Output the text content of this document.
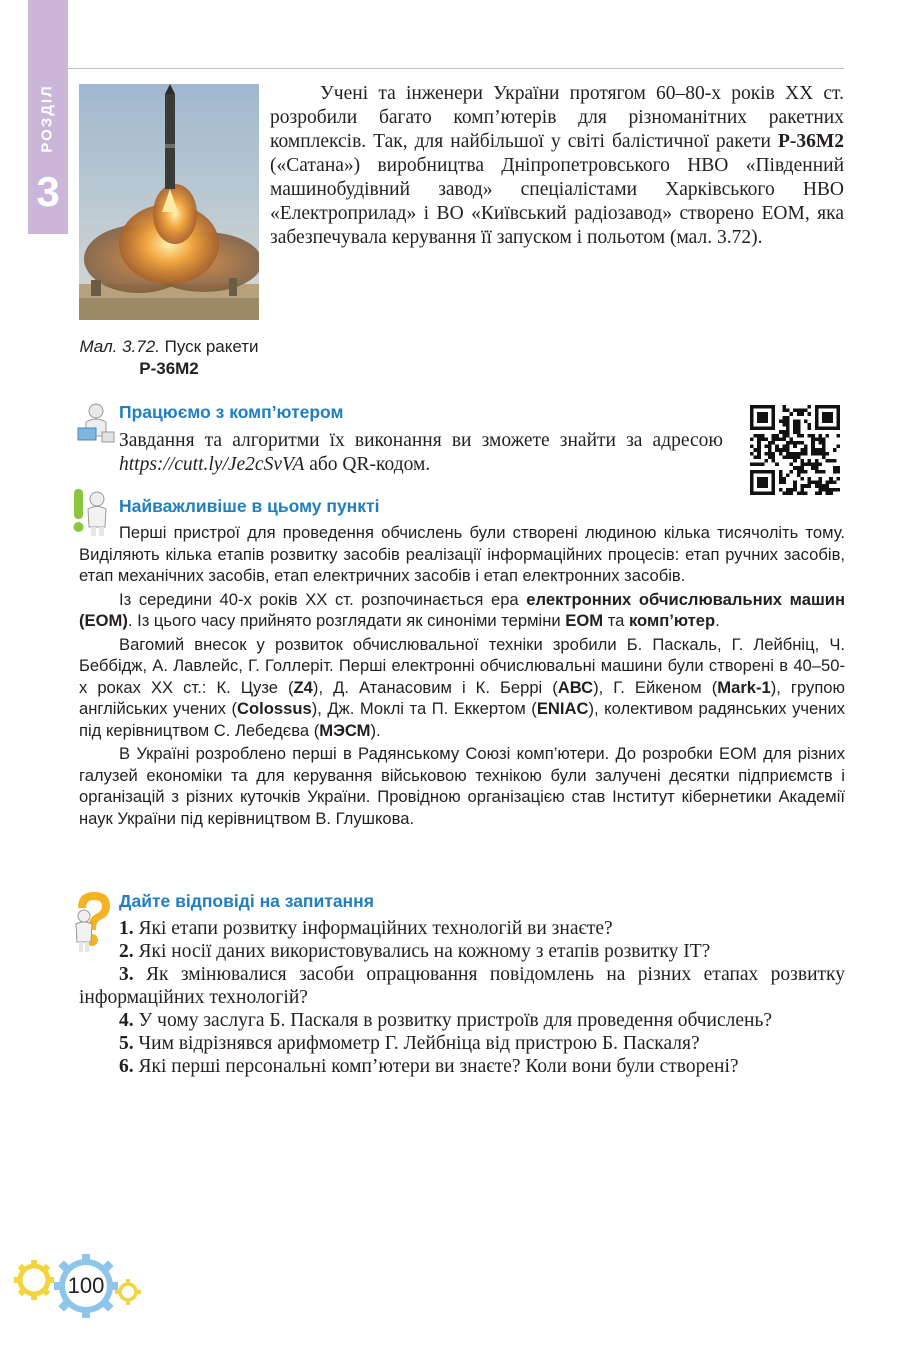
РОЗДІЛ
3
Мал. 3.72. Пуск ракети Р-36М2

Учені та інженери України протягом 60–80-х років XX ст. розробили багато комп’ютерів для різноманітних ракетних комплексів. Так, для найбільшої у світі балістичної ракети Р-36М2 («Сатана») виробництва Дніпропетровського НВО «Південний машинобудівний завод» спеціалістами Харківського НВО «Електроприлад» і ВО «Київський радіозавод» створено ЕОМ, яка забезпечувала керування її запуском і польотом (мал. 3.72).

Працюємо з комп’ютером

Завдання та алгоритми їх виконання ви зможете знайти за адресою https://cutt.ly/Je2cSvVA або QR-кодом.

Найважливіше в цьому пункті

Перші пристрої для проведення обчислень були створені людиною кілька тисячоліть тому. Виділяють кілька етапів розвитку засобів реалізації інформаційних процесів: етап ручних засобів, етап механічних засобів, етап електричних засобів і етап електронних засобів.

Із середини 40-х років XX ст. розпочинається ера електронних обчислювальних машин (ЕОМ). Із цього часу прийнято розглядати як синоніми терміни ЕОМ та комп’ютер.

Вагомий внесок у розвиток обчислювальної техніки зробили Б. Паскаль, Г. Лейбніц, Ч. Беббідж, А. Лавлейс, Г. Голлеріт. Перші електронні обчислювальні машини були створені в 40–50-х роках XX ст.: К. Цузе (Z4), Д. Атанасовим і К. Беррі (АВС), Г. Ейкеном (Mark-1), групою англійських учених (Colossus), Дж. Моклі та П. Еккертом (ENIAC), колективом радянських учених під керівництвом С. Лебедєва (МЭСМ).

В Україні розроблено перші в Радянському Союзі комп’ютери. До розробки ЕОМ для різних галузей економіки та для керування військовою технікою були залучені десятки підприємств і організацій з різних куточків України. Провідною організацією став Інститут кібернетики Академії наук України під керівництвом В. Глушкова.

Дайте відповіді на запитання

1. Які етапи розвитку інформаційних технологій ви знаєте?

2. Які носії даних використовувались на кожному з етапів розвитку ІТ?

3. Як змінювалися засоби опрацювання повідомлень на різних етапах розвитку інформаційних технологій?

4. У чому заслуга Б. Паскаля в розвитку пристроїв для проведення обчислень?

5. Чим відрізнявся арифмометр Г. Лейбніца від пристрою Б. Паскаля?

6. Які перші персональні комп’ютери ви знаєте? Коли вони були створені?

100
